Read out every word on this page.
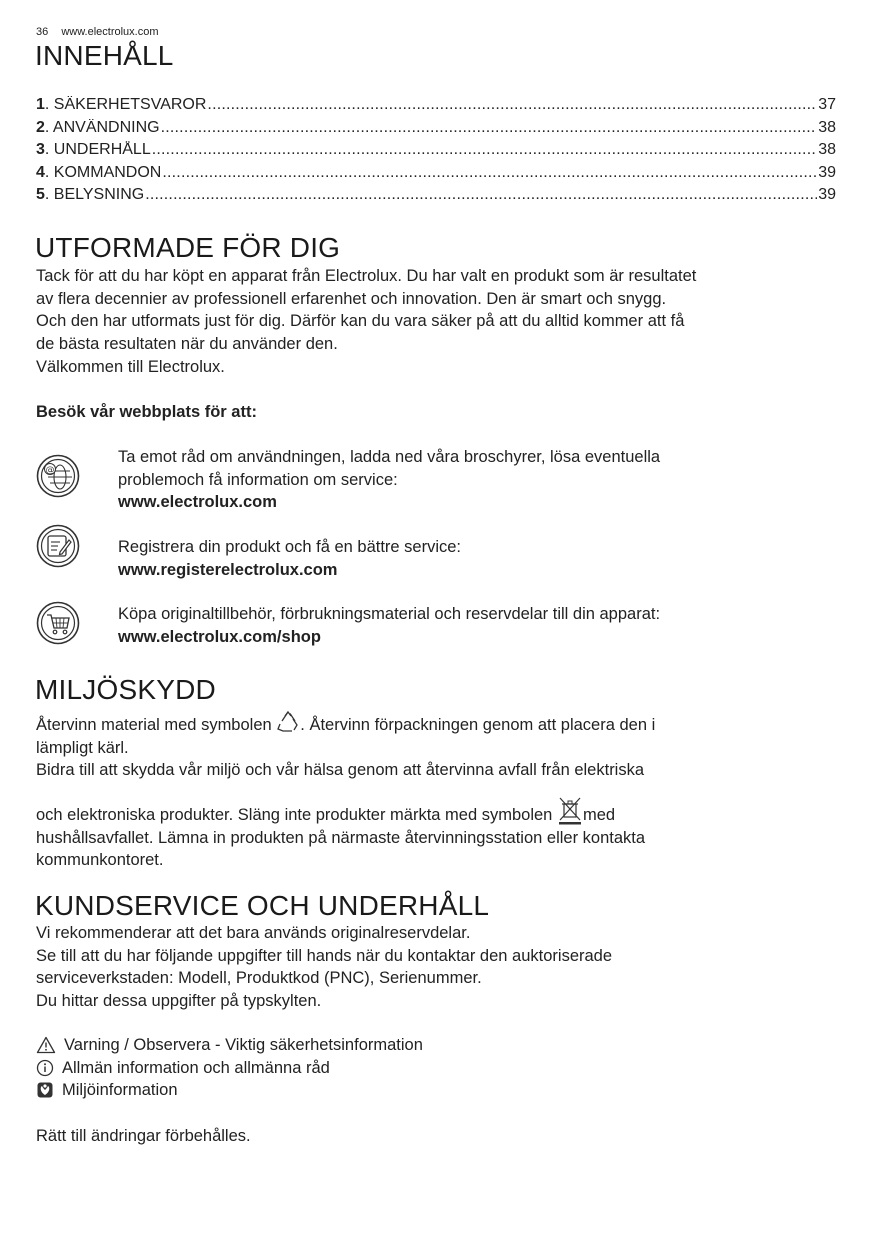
36 www.electrolux.com
INNEHÅLL
1 . SÄKERHETSVAROR .....	37
2 . ANVÄNDNING .....	38
3 . UNDERHÅLL .....	38
4 . KOMMANDON .....	39
5 . BELYSNING .....	39
UTFORMADE FÖR DIG
Tack för att du har köpt en apparat från Electrolux. Du har valt en produkt som är resultatet
av flera decennier av professionell erfarenhet och innovation. Den är smart och snygg.
Och den har utformats just för dig. Därför kan du vara säker på att du alltid kommer att få
de bästa resultaten när du använder den.
Välkommen till Electrolux.
Besök vår webbplats för att:
@
Ta emot råd om användningen, ladda ned våra broschyrer, lösa eventuella
problemoch få information om service:
www.electrolux.com
Registrera din produkt och få en bättre service:
www.registerelectrolux.com
Köpa originaltillbehör, förbrukningsmaterial och reservdelar till din apparat:
www.electrolux.com/shop
MILJÖSKYDD
Återvinn material med symbolen . Återvinn förpackningen genom att placera den i
lämpligt kärl.
Bidra till att skydda vår miljö och vår hälsa genom att återvinna avfall från elektriska
och elektroniska produkter. Släng inte produkter märkta med symbolen med
hushållsavfallet. Lämna in produkten på närmaste återvinningsstation eller kontakta
kommunkontoret.
KUNDSERVICE OCH UNDERHÅLL
Vi rekommenderar att det bara används originalreservdelar.
Se till att du har följande uppgifter till hands när du kontaktar den auktoriserade
serviceverkstaden: Modell, Produktkod (PNC), Serienummer.
Du hittar dessa uppgifter på typskylten.
Varning / Observera - Viktig säkerhetsinformation
Allmän information och allmänna råd
Miljöinformation
Rätt till ändringar förbehålles.
